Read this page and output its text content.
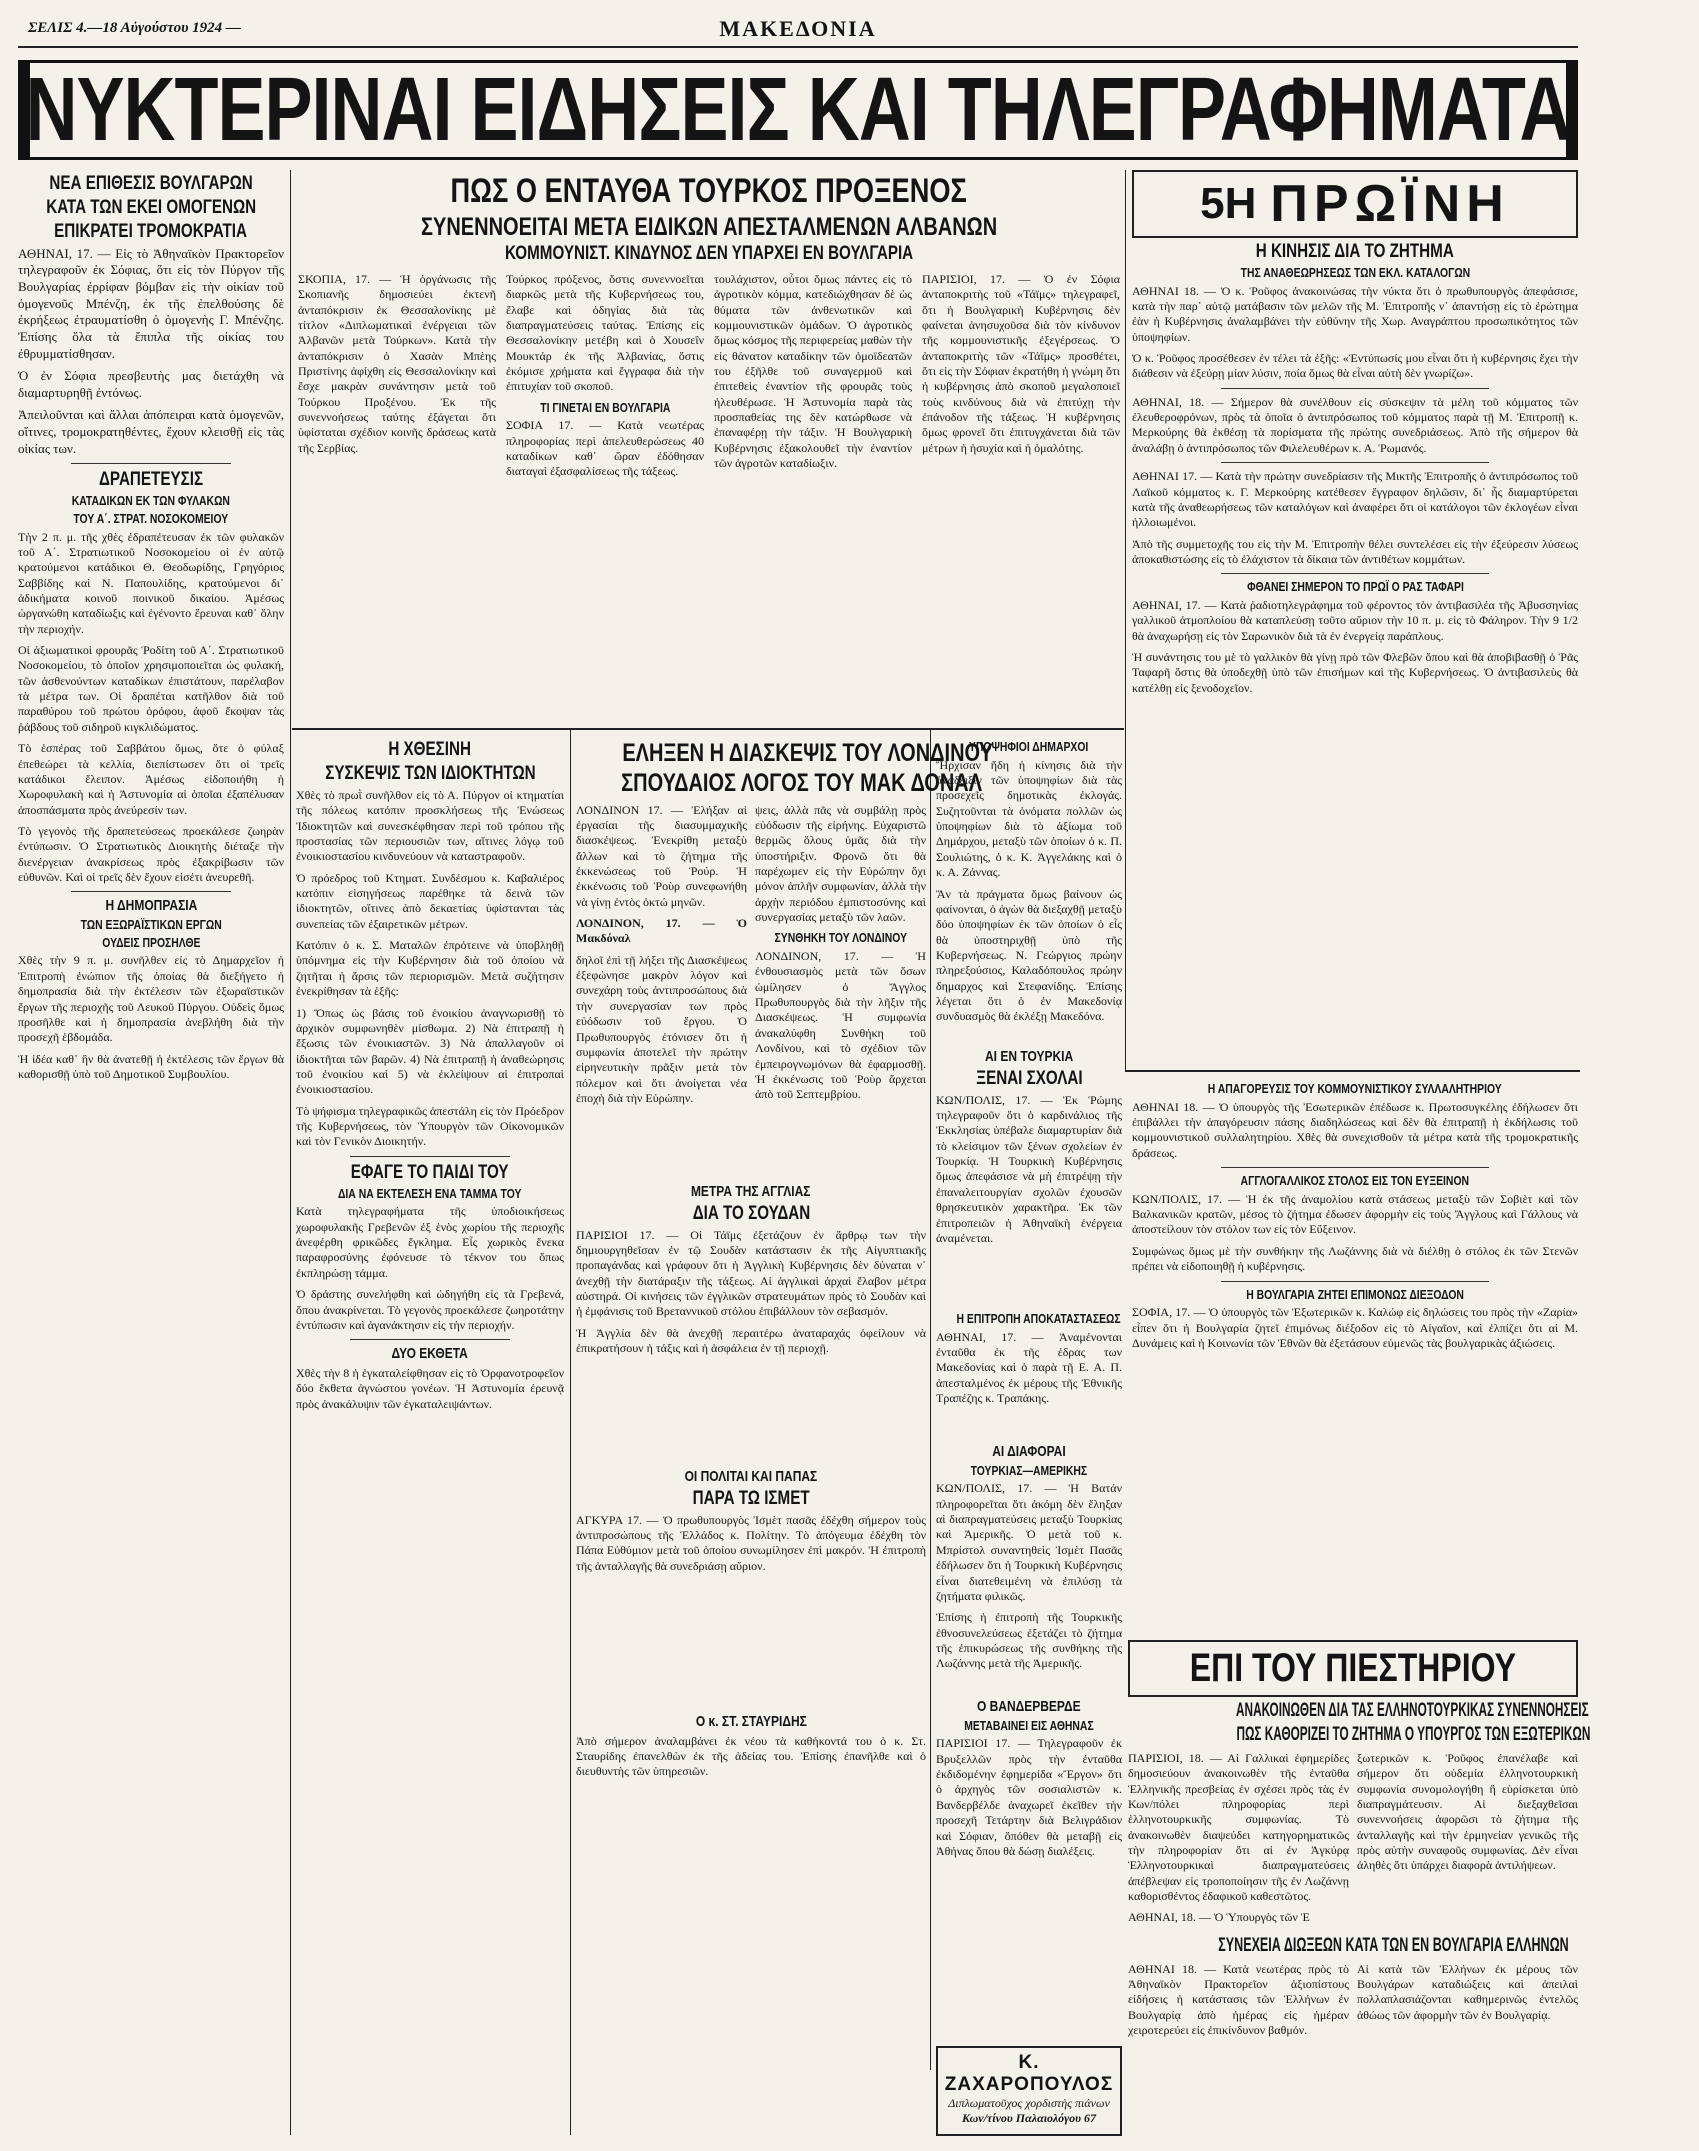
ΣΕΛΙΣ 4.—18 Αὐγούστου 1924 —	ΜΑΚΕΔΟΝΙΑ
ΝΥΚΤΕΡΙΝΑΙ ΕΙΔΗΣΕΙΣ ΚΑΙ ΤΗΛΕΓΡΑΦΗΜΑΤΑ
ΝΕΑ ΕΠΙΘΕΣΙΣ ΒΟΥΛΓΑΡΩΝ
ΚΑΤΑ ΤΩΝ ΕΚΕΙ ΟΜΟΓΕΝΩΝ
ΕΠΙΚΡΑΤΕΙ ΤΡΟΜΟΚΡΑΤΙΑ

ΑΘΗΝΑΙ, 17. — Εἰς τὸ Ἀθηναϊκὸν Πρακτορεῖον τηλεγραφοῦν ἐκ Σόφιας, ὅτι εἰς τὸν Πύργον τῆς Βουλγαρίας ἐρρίφαν βόμβαν εἰς τὴν οἰκίαν τοῦ ὁμογενοῦς Μπένζη, ἐκ τῆς ἐπελθούσης δὲ ἐκρήξεως ἐτραυματίσθη ὁ ὁμογενὴς Γ. Μπένζης. Ἐπίσης ὅλα τὰ ἔπιπλα τῆς οἰκίας του ἐθρυμματίσθησαν.

Ὁ ἐν Σόφια πρεσβευτὴς μας διετάχθη νὰ διαμαρτυρηθῇ ἐντόνως.

Ἀπειλοῦνται καὶ ἄλλαι ἀπόπειραι κατὰ ὁμογενῶν, οἵτινες, τρομοκρατηθέντες, ἔχουν κλεισθῇ εἰς τὰς οἰκίας των.

ΔΡΑΠΕΤΕΥΣΙΣ
ΚΑΤΑΔΙΚΩΝ ΕΚ ΤΩΝ ΦΥΛΑΚΩΝ
ΤΟΥ Α΄. ΣΤΡΑΤ. ΝΟΣΟΚΟΜΕΙΟΥ

Τὴν 2 π. μ. τῆς χθὲς ἐδραπέτευσαν ἐκ τῶν φυλακῶν τοῦ Α΄. Στρατιωτικοῦ Νοσοκομείου οἱ ἐν αὐτῷ κρατούμενοι κατάδικοι Θ. Θεοδωρίδης, Γρηγόριος Σαββίδης καὶ Ν. Παπουλίδης, κρατούμενοι δι᾽ ἀδικήματα κοινοῦ ποινικοῦ δικαίου. Ἀμέσως ὡργανώθη καταδίωξις καὶ ἐγένοντο ἔρευναι καθ᾽ ὅλην τὴν περιοχήν.

Οἱ ἀξιωματικοὶ φρουρᾶς Ῥοδίτη τοῦ Α΄. Στρατιωτικοῦ Νοσοκομείου, τὸ ὁποῖον χρησιμοποιεῖται ὡς φυλακή, τῶν ἀσθενούντων καταδίκων ἐπιστάτουν, παρέλαβον τὰ μέτρα των. Οἱ δραπέται κατῆλθον διὰ τοῦ παραθύρου τοῦ πρώτου ὀρόφου, ἀφοῦ ἔκοψαν τὰς ῥάβδους τοῦ σιδηροῦ κιγκλιδώματος.

Τὸ ἑσπέρας τοῦ Σαββάτου ὅμως, ὅτε ὁ φύλαξ ἐπεθεώρει τὰ κελλία, διεπίστωσεν ὅτι οἱ τρεῖς κατάδικοι ἔλειπον. Ἀμέσως εἰδοποιήθη ἡ Χωροφυλακὴ καὶ ἡ Ἀστυνομία αἱ ὁποῖαι ἐξαπέλυσαν ἀποσπάσματα πρὸς ἀνεύρεσίν των.

Τὸ γεγονὸς τῆς δραπετεύσεως προεκάλεσε ζωηρὰν ἐντύπωσιν. Ὁ Στρατιωτικὸς Διοικητὴς διέταξε τὴν διενέργειαν ἀνακρίσεως πρὸς ἐξακρίβωσιν τῶν εὐθυνῶν. Καὶ οἱ τρεῖς δὲν ἔχουν εἰσέτι ἀνευρεθῆ.

Η ΔΗΜΟΠΡΑΣΙΑ
ΤΩΝ ΕΞΩΡΑΪΣΤΙΚΩΝ ΕΡΓΩΝ
ΟΥΔΕΙΣ ΠΡΟΣΗΛΘΕ

Χθὲς τὴν 9 π. μ. συνῆλθεν εἰς τὸ Δημαρχεῖον ἡ Ἐπιτροπὴ ἐνώπιον τῆς ὁποίας θὰ διεξήγετο ἡ δημοπρασία διὰ τὴν ἐκτέλεσιν τῶν ἐξωραϊστικῶν ἔργων τῆς περιοχῆς τοῦ Λευκοῦ Πύργου. Οὐδεὶς ὅμως προσῆλθε καὶ ἡ δημοπρασία ἀνεβλήθη διὰ τὴν προσεχῆ ἑβδομάδα.

Ἡ ἰδέα καθ᾽ ἣν θὰ ἀνατεθῇ ἡ ἐκτέλεσις τῶν ἔργων θὰ καθορισθῇ ὑπὸ τοῦ Δημοτικοῦ Συμβουλίου.

ΠΩΣ Ο ΕΝΤΑΥΘΑ ΤΟΥΡΚΟΣ ΠΡΟΞΕΝΟΣ
ΣΥΝΕΝΝΟΕΙΤΑΙ ΜΕΤΑ ΕΙΔΙΚΩΝ ΑΠΕΣΤΑΛΜΕΝΩΝ ΑΛΒΑΝΩΝ
ΚΟΜΜΟΥΝΙΣΤ. ΚΙΝΔΥΝΟΣ ΔΕΝ ΥΠΑΡΧΕΙ ΕΝ ΒΟΥΛΓΑΡΙΑ

ΣΚΟΠΙΑ, 17. — Ἡ ὀργάνωσις τῆς Σκοπιανῆς δημοσιεύει ἐκτενῆ ἀνταπόκρισιν ἐκ Θεσσαλονίκης μὲ τίτλον «Διπλωματικαὶ ἐνέργειαι τῶν Ἀλβανῶν μετὰ Τούρκων». Κατὰ τὴν ἀνταπόκρισιν ὁ Χασὰν Μπὲης Πριστίνης ἀφίχθη εἰς Θεσσαλονίκην καὶ ἔσχε μακρὰν συνάντησιν μετὰ τοῦ Τούρκου Προξένου. Ἐκ τῆς συνεννοήσεως ταύτης ἐξάγεται ὅτι ὑφίσταται σχέδιον κοινῆς δράσεως κατὰ τῆς Σερβίας.

Τούρκος πρόξενος, ὅστις συνεννοεῖται διαρκῶς μετὰ τῆς Κυβερνήσεως του, ἔλαβε καὶ ὁδηγίας διὰ τὰς διαπραγματεύσεις ταύτας. Ἐπίσης εἰς Θεσσαλονίκην μετέβη καὶ ὁ Χουσεΐν Μουκτάρ ἐκ τῆς Ἀλβανίας, ὅστις ἐκόμισε χρήματα καὶ ἔγγραφα διὰ τὴν ἐπιτυχίαν τοῦ σκοποῦ.

ΤΙ ΓΙΝΕΤΑΙ ΕΝ ΒΟΥΛΓΑΡΙΑ

ΣΟΦΙΑ 17. — Κατὰ νεωτέρας πληροφορίας περὶ ἀπελευθερώσεως 40 καταδίκων καθ᾽ ὥραν ἐδόθησαν διαταγαὶ ἐξασφαλίσεως τῆς τάξεως.

τουλάχιστον, οὗτοι ὅμως πάντες εἰς τὸ ἀγροτικὸν κόμμα, κατεδιώχθησαν δὲ ὡς θύματα τῶν ἀνθενωτικῶν καὶ κομμουνιστικῶν ὁμάδων. Ὁ ἀγροτικὸς ὅμως κόσμος τῆς περιφερείας μαθὼν τὴν εἰς θάνατον καταδίκην τῶν ὁμοϊδεατῶν του ἐξῆλθε τοῦ συναγερμοῦ καὶ ἐπιτεθεὶς ἐναντίον τῆς φρουρᾶς τοὺς ἠλευθέρωσε. Ἡ Ἀστυνομία παρὰ τὰς προσπαθείας της δὲν κατώρθωσε νὰ ἐπαναφέρῃ τὴν τάξιν. Ἡ Βουλγαρικὴ Κυβέρνησις ἐξακολουθεῖ τὴν ἐναντίον τῶν ἀγροτῶν καταδίωξιν.

ΠΑΡΙΣΙΟΙ, 17. — Ὁ ἐν Σόφια ἀνταποκριτὴς τοῦ «Τάϊμς» τηλεγραφεῖ, ὅτι ἡ Βουλγαρικὴ Κυβέρνησις δὲν φαίνεται ἀνησυχοῦσα διὰ τὸν κίνδυνον τῆς κομμουνιστικῆς ἐξεγέρσεως. Ὁ ἀνταποκριτὴς τῶν «Τάϊμς» προσθέτει, ὅτι εἰς τὴν Σόφιαν ἐκρατήθη ἡ γνώμη ὅτι ἡ κυβέρνησις ἀπὸ σκοποῦ μεγαλοποιεῖ τοὺς κινδύνους διὰ νὰ ἐπιτύχῃ τὴν ἐπάνοδον τῆς τάξεως. Ἡ κυβέρνησις ὅμως φρονεῖ ὅτι ἐπιτυγχάνεται διὰ τῶν μέτρων ἡ ἡσυχία καὶ ἡ ὁμαλότης.

Η ΧΘΕΣΙΝΗ
ΣΥΣΚΕΨΙΣ ΤΩΝ ΙΔΙΟΚΤΗΤΩΝ

Χθὲς τὸ πρωῒ συνῆλθον εἰς τὸ Α. Πύργον οἱ κτηματίαι τῆς πόλεως κατόπιν προσκλήσεως τῆς Ἑνώσεως Ἰδιοκτητῶν καὶ συνεσκέφθησαν περὶ τοῦ τρόπου τῆς προστασίας τῶν περιουσιῶν των, αἵτινες λόγῳ τοῦ ἐνοικιοστασίου κινδυνεύουν νὰ καταστραφοῦν.

Ὁ πρόεδρος τοῦ Κτηματ. Συνδέσμου κ. Καβαλιέρος κατόπιν εἰσηγήσεως παρέθηκε τὰ δεινὰ τῶν ἰδιοκτητῶν, οἵτινες ἀπὸ δεκαετίας ὑφίστανται τὰς συνεπείας τῶν ἐξαιρετικῶν μέτρων.

Κατόπιν ὁ κ. Σ. Ματαλῶν ἐπρότεινε νὰ ὑποβληθῇ ὑπόμνημα εἰς τὴν Κυβέρνησιν διὰ τοῦ ὁποίου νὰ ζητῆται ἡ ἄρσις τῶν περιορισμῶν. Μετὰ συζήτησιν ἐνεκρίθησαν τὰ ἑξῆς:

1) Ὅπως ὡς βάσις τοῦ ἐνοικίου ἀναγνωρισθῇ τὸ ἀρχικὸν συμφωνηθὲν μίσθωμα. 2) Νὰ ἐπιτραπῇ ἡ ἔξωσις τῶν ἐνοικιαστῶν. 3) Νὰ ἀπαλλαγοῦν οἱ ἰδιοκτῆται τῶν βαρῶν. 4) Νὰ ἐπιτραπῇ ἡ ἀναθεώρησις τοῦ ἐνοικίου καὶ 5) νὰ ἐκλείψουν αἱ ἐπιτροπαὶ ἐνοικιοστασίου.

Τὸ ψήφισμα τηλεγραφικῶς ἀπεστάλη εἰς τὸν Πρόεδρον τῆς Κυβερνήσεως, τὸν Ὑπουργὸν τῶν Οἰκονομικῶν καὶ τὸν Γενικὸν Διοικητήν.

ΕΦΑΓΕ ΤΟ ΠΑΙΔΙ ΤΟΥ
ΔΙΑ ΝΑ ΕΚΤΕΛΕΣΗ ΕΝΑ ΤΑΜΜΑ ΤΟΥ

Κατὰ τηλεγραφήματα τῆς ὑποδιοικήσεως χωροφυλακῆς Γρεβενῶν ἐξ ἑνὸς χωρίου τῆς περιοχῆς ἀνεφέρθη φρικῶδες ἔγκλημα. Εἷς χωρικὸς ἕνεκα παραφροσύνης ἐφόνευσε τὸ τέκνον του ὅπως ἐκπληρώσῃ τάμμα.

Ὁ δράστης συνελήφθη καὶ ὡδηγήθη εἰς τὰ Γρεβενά, ὅπου ἀνακρίνεται. Τὸ γεγονὸς προεκάλεσε ζωηροτάτην ἐντύπωσιν καὶ ἀγανάκτησιν εἰς τὴν περιοχήν.

ΔΥΟ ΕΚΘΕΤΑ

Χθὲς τὴν 8 ἡ ἐγκαταλείφθησαν εἰς τὸ Ὀρφανοτροφεῖον δύο ἔκθετα ἀγνώστου γονέων. Ἡ Ἀστυνομία ἐρευνᾷ πρὸς ἀνακάλυψιν τῶν ἐγκαταλειψάντων.

ΕΛΗΞΕΝ Η ΔΙΑΣΚΕΨΙΣ ΤΟΥ ΛΟΝΔΙΝΟΥ
ΣΠΟΥΔΑΙΟΣ ΛΟΓΟΣ ΤΟΥ ΜΑΚ ΔΟΝΑΛ

ΛΟΝΔΙΝΟΝ 17. — Ἐλήξαν αἱ ἐργασίαι τῆς διασυμμαχικῆς διασκέψεως. Ἐνεκρίθη μεταξὺ ἄλλων καὶ τὸ ζήτημα τῆς ἐκκενώσεως τοῦ Ῥούρ. Ἡ ἐκκένωσις τοῦ Ῥοὺρ συνεφωνήθη νὰ γίνῃ ἐντὸς ὀκτώ μηνῶν.

ΛΟΝΔΙΝΟΝ, 17. — Ὁ Μακδόναλ

δηλοῖ ἐπὶ τῇ λήξει τῆς Διασκέψεως ἐξεφώνησε μακρὸν λόγον καὶ συνεχάρη τοὺς ἀντιπροσώπους διὰ τὴν συνεργασίαν των πρὸς εὐόδωσιν τοῦ ἔργου. Ὁ Πρωθυπουργὸς ἐτόνισεν ὅτι ἡ συμφωνία ἀποτελεῖ τὴν πρώτην εἰρηνευτικὴν πρᾶξιν μετὰ τὸν πόλεμον καὶ ὅτι ἀνοίγεται νέα ἐποχὴ διὰ τὴν Εὐρώπην.

ψεις, ἀλλὰ πᾶς νὰ συμβάλῃ πρὸς εὐόδωσιν τῆς εἰρήνης. Εὐχαριστῶ θερμῶς ὅλους ὑμᾶς διὰ τὴν ὑποστήριξιν. Φρονῶ ὅτι θὰ παρέχωμεν εἰς τὴν Εὐρώπην ὄχι μόνον ἁπλῆν συμφωνίαν, ἀλλὰ τὴν ἀρχὴν περιόδου ἐμπιστοσύνης καὶ συνεργασίας μεταξὺ τῶν λαῶν.

ΣΥΝΘΗΚΗ ΤΟΥ ΛΟΝΔΙΝΟΥ

ΛΟΝΔΙΝΟΝ, 17. — Ἡ ἐνθουσιασμὸς μετὰ τῶν ὅσων ὡμίλησεν ὁ Ἄγγλος Πρωθυπουργὸς διὰ τὴν λῆξιν τῆς Διασκέψεως. Ἡ συμφωνία ἀνακαλύφθη Συνθήκη τοῦ Λονδίνου, καὶ τὸ σχέδιον τῶν ἐμπειρογνωμόνων θὰ ἐφαρμοσθῇ. Ἡ ἐκκένωσις τοῦ Ῥοὺρ ἄρχεται ἀπὸ τοῦ Σεπτεμβρίου.

ΜΕΤΡΑ ΤΗΣ ΑΓΓΛΙΑΣ
ΔΙΑ ΤΟ ΣΟΥΔΑΝ

ΠΑΡΙΣΙΟΙ 17. — Οἱ Τάϊμς ἐξετάζουν ἐν ἄρθρῳ των τὴν δημιουργηθεῖσαν ἐν τῷ Σουδὰν κατάστασιν ἐκ τῆς Αἰγυπτιακῆς προπαγάνδας καὶ γράφουν ὅτι ἡ Ἀγγλικὴ Κυβέρνησις δὲν δύναται ν᾽ ἀνεχθῇ τὴν διατάραξιν τῆς τάξεως. Αἱ ἀγγλικαὶ ἀρχαὶ ἔλαβον μέτρα αὐστηρά. Οἱ κινήσεις τῶν ἐγγλικῶν στρατευμάτων πρὸς τὸ Σουδὰν καὶ ἡ ἐμφάνισις τοῦ Βρεταννικοῦ στόλου ἐπιβάλλουν τὸν σεβασμόν.

Ἡ Ἀγγλία δὲν θὰ ἀνεχθῇ περαιτέρω ἀναταραχάς ὀφείλουν νὰ ἐπικρατήσουν ἡ τάξις καὶ ἡ ἀσφάλεια ἐν τῇ περιοχῇ.

ΟΙ ΠΟΛΙΤΑΙ ΚΑΙ ΠΑΠΑΣ
ΠΑΡΑ ΤΩ ΙΣΜΕΤ

ΑΓΚΥΡΑ 17. — Ὁ πρωθυπουργὸς Ἰσμὲτ πασᾶς ἐδέχθη σήμερον τοὺς ἀντιπροσώπους τῆς Ἑλλάδος κ. Πολίτην. Τὸ ἀπόγευμα ἐδέχθη τὸν Πάπα Εὐθύμιον μετὰ τοῦ ὁποίου συνωμίλησεν ἐπὶ μακρόν. Ἡ ἐπιτροπὴ τῆς ἀνταλλαγῆς θὰ συνεδριάσῃ αὔριον.

Ο κ. ΣΤ. ΣΤΑΥΡΙΔΗΣ

Ἀπὸ σήμερον ἀναλαμβάνει ἐκ νέου τὰ καθήκοντά του ὁ κ. Στ. Σταυρίδης ἐπανελθὼν ἐκ τῆς ἀδείας του. Ἐπίσης ἐπανῆλθε καὶ ὁ διευθυντὴς τῶν ὑπηρεσιῶν.

ΥΠΟΨΗΦΙΟΙ ΔΗΜΑΡΧΟΙ

Ἤρχισαν ἤδη ἡ κίνησις διὰ τὴν ἀνάδειξιν τῶν ὑποψηφίων διὰ τὰς προσεχεῖς δημοτικὰς ἐκλογάς. Συζητοῦνται τὰ ὀνόματα πολλῶν ὡς ὑποψηφίων διὰ τὸ ἀξίωμα τοῦ Δημάρχου, μεταξὺ τῶν ὁποίων ὁ κ. Π. Σουλιώτης, ὁ κ. Κ. Ἀγγελάκης καὶ ὁ κ. Α. Ζάννας.

Ἂν τὰ πράγματα ὅμως βαίνουν ὡς φαίνονται, ὁ ἀγὼν θὰ διεξαχθῇ μεταξὺ δύο ὑποψηφίων ἐκ τῶν ὁποίων ὁ εἷς θὰ ὑποστηριχθῇ ὑπὸ τῆς Κυβερνήσεως. Ν. Γεώργιος πρώην πληρεξούσιος, Καλαδόπουλος πρώην δημαρχος καὶ Στεφανίδης. Ἐπίσης λέγεται ὅτι ὁ ἐν Μακεδονίᾳ συνδυασμὸς θὰ ἐκλέξῃ Μακεδόνα.

ΑΙ ΕΝ ΤΟΥΡΚΙΑ
ΞΕΝΑΙ ΣΧΟΛΑΙ

ΚΩΝ/ΠΟΛΙΣ, 17. — Ἐκ Ῥώμης τηλεγραφοῦν ὅτι ὁ καρδινάλιος τῆς Ἐκκλησίας ὑπέβαλε διαμαρτυρίαν διὰ τὸ κλείσιμον τῶν ξένων σχολείων ἐν Τουρκίᾳ. Ἡ Τουρκικὴ Κυβέρνησις ὅμως ἀπεφάσισε νὰ μὴ ἐπιτρέψῃ τὴν ἐπαναλειτουργίαν σχολῶν ἐχουσῶν θρησκευτικὸν χαρακτῆρα. Ἐκ τῶν ἐπιτροπειῶν ἡ Ἀθηναϊκὴ ἐνέργεια ἀναμένεται.

Η ΕΠΙΤΡΟΠΗ ΑΠΟΚΑΤΑΣΤΑΣΕΩΣ

ΑΘΗΝΑΙ, 17. — Ἀναμένονται ἐνταῦθα ἐκ τῆς ἐδρας των Μακεδονίας καὶ ὁ παρὰ τῇ Ε. Α. Π. ἀπεσταλμένος ἐκ μέρους τῆς Ἐθνικῆς Τραπέζης κ. Τραπάκης.

ΑΙ ΔΙΑΦΟΡΑΙ
ΤΟΥΡΚΙΑΣ—ΑΜΕΡΙΚΗΣ

ΚΩΝ/ΠΟΛΙΣ, 17. — Ἡ Βατάν πληροφορεῖται ὅτι ἀκόμη δὲν ἔληξαν αἱ διαπραγματεύσεις μεταξὺ Τουρκίας καὶ Ἀμερικῆς. Ὁ μετὰ τοῦ κ. Μπρίστολ συναντηθεὶς Ἰσμὲτ Πασᾶς ἐδήλωσεν ὅτι ἡ Τουρκικὴ Κυβέρνησις εἶναι διατεθειμένη νὰ ἐπιλύσῃ τὰ ζητήματα φιλικῶς.

Ἐπίσης ἡ ἐπιτροπὴ τῆς Τουρκικῆς ἐθνοσυνελεύσεως ἐξετάζει τὸ ζήτημα τῆς ἐπικυρώσεως τῆς συνθήκης τῆς Λωζάννης μετὰ τῆς Ἀμερικῆς.

Ο ΒΑΝΔΕΡΒΕΡΔΕ
ΜΕΤΑΒΑΙΝΕΙ ΕΙΣ ΑΘΗΝΑΣ

ΠΑΡΙΣΙΟΙ 17. — Τηλεγραφοῦν ἐκ Βρυξελλῶν πρὸς τὴν ἐνταῦθα ἐκδιδομένην ἐφημερίδα «Ἔργον» ὅτι ὁ ἀρχηγὸς τῶν σοσιαλιστῶν κ. Βανδερβέλδε ἀναχωρεῖ ἐκεῖθεν τὴν προσεχῆ Τετάρτην διὰ Βελιγράδιον καὶ Σόφιαν, ὅπόθεν θὰ μεταβῇ εἰς Ἀθήνας ὅπου θὰ δώσῃ διαλέξεις.

Κ. ΖΑΧΑΡΟΠΟΥΛΟΣ
Διπλωματοῦχος χορδιστὴς πιάνων
Κων/τίνου Παλαιολόγου 67
5Η ΠΡΩΪΝΗ
Η ΚΙΝΗΣΙΣ ΔΙΑ ΤΟ ΖΗΤΗΜΑ
ΤΗΣ ΑΝΑΘΕΩΡΗΣΕΩΣ ΤΩΝ ΕΚΛ. ΚΑΤΑΛΟΓΩΝ

ΑΘΗΝΑΙ 18. — Ὁ κ. Ῥοῦφος ἀνακοινώσας τὴν νύκτα ὅτι ὁ πρωθυπουργὸς ἀπεφάσισε, κατὰ τὴν παρ᾽ αὐτῷ ματάβασιν τῶν μελῶν τῆς Μ. Ἐπιτροπῆς ν᾽ ἀπαντήσῃ εἰς τὸ ἐρώτημα ἐὰν ἡ Κυβέρνησις ἀναλαμβάνει τὴν εὐθύνην τῆς Χωρ. Αναγράπτου προσωπικότητος τῶν ὑποψηφίων.

Ὁ κ. Ῥοῦφος προσέθεσεν ἐν τέλει τὰ ἑξῆς: «Ἐντύπωσίς μου εἶναι ὅτι ἡ κυβέρνησις ἔχει τὴν διάθεσιν νὰ ἐξεύρῃ μίαν λύσιν, ποία ὅμως θὰ εἶναι αὐτὴ δὲν γνωρίζω».

ΑΘΗΝΑΙ, 18. — Σήμερον θὰ συνέλθουν εἰς σύσκεψιν τὰ μέλη τοῦ κόμματος τῶν ἐλευθεροφρόνων, πρὸς τὰ ὁποῖα ὁ ἀντιπρόσωπος τοῦ κόμματος παρὰ τῇ Μ. Ἐπιτροπῇ κ. Μερκούρης θὰ ἐκθέσῃ τὰ πορίσματα τῆς πρώτης συνεδριάσεως. Ἀπὸ τῆς σήμερον θὰ ἀναλάβῃ ὁ ἀντιπρόσωπος τῶν Φιλελευθέρων κ. Α. Ῥωμανός.

ΑΘΗΝΑΙ 17. — Κατὰ τὴν πρώτην συνεδρίασιν τῆς Μικτῆς Ἐπιτροπῆς ὁ ἀντιπρόσωπος τοῦ Λαϊκοῦ κόμματος κ. Γ. Μερκούρης κατέθεσεν ἔγγραφον δηλῶσιν, δι᾽ ἧς διαμαρτύρεται κατὰ τῆς ἀναθεωρήσεως τῶν καταλόγων καὶ ἀναφέρει ὅτι οἱ κατάλογοι τῶν ἐκλογέων εἶναι ἠλλοιωμένοι.

Ἀπὸ τῆς συμμετοχῆς του εἰς τὴν Μ. Ἐπιτροπὴν θέλει συντελέσει εἰς τὴν ἐξεύρεσιν λύσεως ἀποκαθιστώσης εἰς τὸ ἐλάχιστον τὰ δίκαια τῶν ἀντιθέτων κομμάτων.

ΦΘΑΝΕΙ ΣΗΜΕΡΟΝ ΤΟ ΠΡΩΪ Ο ΡΑΣ ΤΑΦΑΡΙ

ΑΘΗΝΑΙ, 17. — Κατὰ ῥαδιοτηλεγράφημα τοῦ φέροντος τὸν ἀντιβασιλέα τῆς Ἀβυσσηνίας γαλλικοῦ ἀτμοπλοίου θὰ καταπλεύσῃ τοῦτο αὔριον τὴν 10 π. μ. εἰς τὸ Φάληρον. Τὴν 9 1/2 θὰ ἀναχωρήσῃ εἰς τὸν Σαρωνικὸν διὰ τὰ ἐν ἐνεργείᾳ παράπλους.

Ἡ συνάντησις του μὲ τὸ γαλλικὸν θὰ γίνῃ πρὸ τῶν Φλεβῶν ὅπου καὶ θὰ ἀποβιβασθῇ ὁ Ῥᾶς Ταφαρῆ ὅστις θὰ ὑποδεχθῇ ὑπὸ τῶν ἐπισήμων καὶ τῆς Κυβερνήσεως. Ὁ ἀντιβασιλεὺς θὰ κατέλθῃ εἰς ξενοδοχεῖον.

Η ΑΠΑΓΟΡΕΥΣΙΣ ΤΟΥ ΚΟΜΜΟΥΝΙΣΤΙΚΟΥ ΣΥΛΛΑΛΗΤΗΡΙΟΥ

ΑΘΗΝΑΙ 18. — Ὁ ὑπουργὸς τῆς Ἐσωτερικῶν ἐπέδωσε κ. Πρωτοσυγκέλης ἐδήλωσεν ὅτι ἐπιβάλλει τὴν ἀπαγόρευσιν πάσης διαδηλώσεως καὶ δὲν θὰ ἐπιτραπῇ ἡ ἐκδήλωσις τοῦ κομμουνιστικοῦ συλλαλητηρίου. Χθὲς θὰ συνεχισθοῦν τὰ μέτρα κατὰ τῆς τρομοκρατικῆς δράσεως.

ΑΓΓΛΟΓΑΛΛΙΚΟΣ ΣΤΟΛΟΣ ΕΙΣ ΤΟΝ ΕΥΞΕΙΝΟΝ

ΚΩΝ/ΠΟΛΙΣ, 17. — Ἡ ἐκ τῆς ἀναμολίου κατὰ στάσεως μεταξὺ τῶν Σοβιὲτ καὶ τῶν Βαλκανικῶν κρατῶν, μέσος τὸ ζήτημα ἐδωσεν ἀφορμὴν εἰς τοὺς Ἄγγλους καὶ Γάλλους νὰ ἀποστείλουν τὸν στόλον των εἰς τὸν Εὔξεινον.

Συμφώνως ὅμως μὲ τὴν συνθήκην τῆς Λωζάννης διὰ νὰ διέλθῃ ὁ στόλος ἐκ τῶν Στενῶν πρέπει νὰ εἰδοποιηθῇ ἡ κυβέρνησις.

Η ΒΟΥΛΓΑΡΙΑ ΖΗΤΕΙ ΕΠΙΜΟΝΩΣ ΔΙΕΞΟΔΟΝ

ΣΟΦΙΑ, 17. — Ὁ ὑπουργὸς τῶν Ἐξωτερικῶν κ. Καλώφ εἰς δηλώσεις του πρὸς τὴν «Ζαρία» εἶπεν ὅτι ἡ Βουλγαρία ζητεῖ ἐπιμόνως διέξοδον εἰς τὸ Αἰγαῖον, καὶ ἐλπίζει ὅτι αἱ Μ. Δυνάμεις καὶ ἡ Κοινωνία τῶν Ἐθνῶν θὰ ἐξετάσουν εὐμενῶς τὰς βουλγαρικὰς ἀξιώσεις.

ΕΠΙ ΤΟΥ ΠΙΕΣΤΗΡΙΟΥ
ΑΝΑΚΟΙΝΩΘΕΝ ΔΙΑ ΤΑΣ ΕΛΛΗΝΟΤΟΥΡΚΙΚΑΣ ΣΥΝΕΝΝΟΗΣΕΙΣ
ΠΩΣ ΚΑΘΟΡΙΖΕΙ ΤΟ ΖΗΤΗΜΑ Ο ΥΠΟΥΡΓΟΣ ΤΩΝ ΕΞΩΤΕΡΙΚΩΝ

ΠΑΡΙΣΙΟΙ, 18. — Αἱ Γαλλικαὶ ἐφημερίδες δημοσιεύουν ἀνακοινωθὲν τῆς ἐνταῦθα Ἑλληνικῆς πρεσβείας ἐν σχέσει πρὸς τὰς ἐν Κων/πόλει πληροφορίας περὶ ἑλληνοτουρκικῆς συμφωνίας. Τὸ ἀνακοινωθὲν διαψεύδει κατηγορηματικῶς τὴν πληροφορίαν ὅτι αἱ ἐν Ἀγκύρᾳ Ἑλληνοτουρκικαὶ διαπραγματεύσεις ἀπέβλεψαν εἰς τροποποίησιν τῆς ἐν Λωζάννῃ καθορισθέντος ἐδαφικοῦ καθεστῶτος.

ΑΘΗΝΑΙ, 18. — Ὁ Ὑπουργὸς τῶν Ἐ

ξωτερικῶν κ. Ῥοῦφος ἐπανέλαβε καὶ σήμερον ὅτι οὐδεμία ἑλληνοτουρκικὴ συμφωνία συνομολογήθη ἢ εὑρίσκεται ὑπὸ διαπραγμάτευσιν. Αἱ διεξαχθεῖσαι συνεννοήσεις ἀφορῶσι τὸ ζήτημα τῆς ἀνταλλαγῆς καὶ τὴν ἑρμηνείαν γενικῶς τῆς πρὸς αὐτὴν συναφοῦς συμφωνίας. Δὲν εἶναι ἀληθὲς ὅτι ὑπάρχει διαφορὰ ἀντιλήψεων.

ΣΥΝΕΧΕΙΑ ΔΙΩΞΕΩΝ ΚΑΤΑ ΤΩΝ ΕΝ ΒΟΥΛΓΑΡΙΑ ΕΛΛΗΝΩΝ

ΑΘΗΝΑΙ 18. — Κατὰ νεωτέρας πρὸς τὸ Ἀθηναϊκὸν Πρακτορεῖον ἀξιοπίστους εἰδήσεις ἡ κατάστασις τῶν Ἑλλήνων ἐν Βουλγαρίᾳ ἀπὸ ἡμέρας εἰς ἡμέραν χειροτερεύει εἰς ἐπικίνδυνον βαθμόν.

Αἱ κατὰ τῶν Ἑλλήνων ἐκ μέρους τῶν Βουλγάρων καταδιώξεις καὶ ἀπειλαὶ πολλαπλασιάζονται καθημερινῶς ἐντελῶς ἀθώως τῶν ἀφορμὴν τῶν ἐν Βουλγαρίᾳ.
